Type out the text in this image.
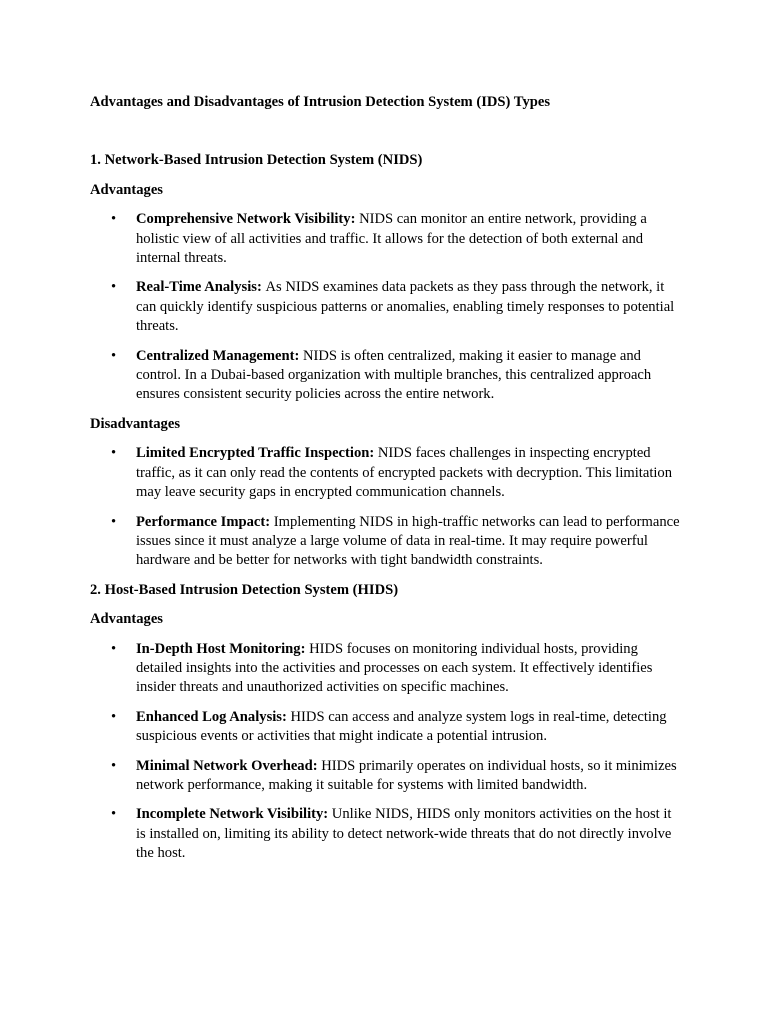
Advantages and Disadvantages of Intrusion Detection System (IDS) Types
1. Network-Based Intrusion Detection System (NIDS)
Advantages
• Comprehensive Network Visibility: NIDS can monitor an entire network, providing a holistic view of all activities and traffic. It allows for the detection of both external and internal threats.
• Real-Time Analysis: As NIDS examines data packets as they pass through the network, it can quickly identify suspicious patterns or anomalies, enabling timely responses to potential threats.
• Centralized Management: NIDS is often centralized, making it easier to manage and control. In a Dubai-based organization with multiple branches, this centralized approach ensures consistent security policies across the entire network.
Disadvantages
• Limited Encrypted Traffic Inspection: NIDS faces challenges in inspecting encrypted traffic, as it can only read the contents of encrypted packets with decryption. This limitation may leave security gaps in encrypted communication channels.
• Performance Impact: Implementing NIDS in high-traffic networks can lead to performance issues since it must analyze a large volume of data in real-time. It may require powerful hardware and be better for networks with tight bandwidth constraints.
2. Host-Based Intrusion Detection System (HIDS)
Advantages
• In-Depth Host Monitoring: HIDS focuses on monitoring individual hosts, providing detailed insights into the activities and processes on each system. It effectively identifies insider threats and unauthorized activities on specific machines.
• Enhanced Log Analysis: HIDS can access and analyze system logs in real-time, detecting suspicious events or activities that might indicate a potential intrusion.
• Minimal Network Overhead: HIDS primarily operates on individual hosts, so it minimizes network performance, making it suitable for systems with limited bandwidth.
• Incomplete Network Visibility: Unlike NIDS, HIDS only monitors activities on the host it is installed on, limiting its ability to detect network-wide threats that do not directly involve the host.
